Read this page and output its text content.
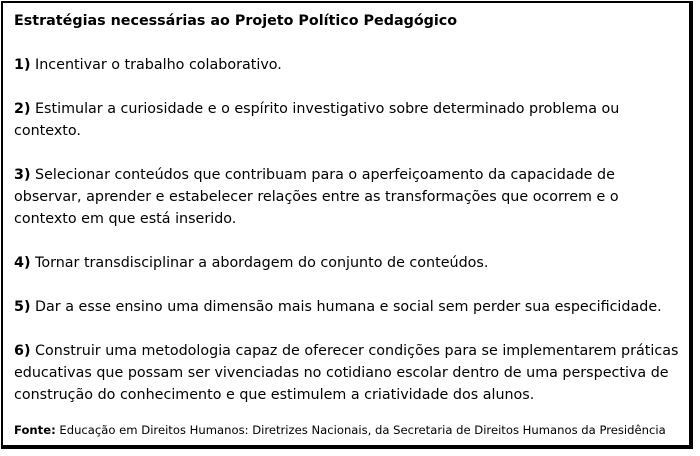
Estratégias necessárias ao Projeto Político Pedagógico
1) Incentivar o trabalho colaborativo.
2) Estimular a curiosidade e o espírito investigativo sobre determinado problema ou contexto.
3) Selecionar conteúdos que contribuam para o aperfeiçoamento da capacidade de observar, aprender e estabelecer relações entre as transformações que ocorrem e o contexto em que está inserido.
4) Tornar transdisciplinar a abordagem do conjunto de conteúdos.
5) Dar a esse ensino uma dimensão mais humana e social sem perder sua especificidade.
6) Construir uma metodologia capaz de oferecer condições para se implementarem práticas educativas que possam ser vivenciadas no cotidiano escolar dentro de uma perspectiva de construção do conhecimento e que estimulem a criatividade dos alunos.
Fonte: Educação em Direitos Humanos: Diretrizes Nacionais, da Secretaria de Direitos Humanos da Presidência
